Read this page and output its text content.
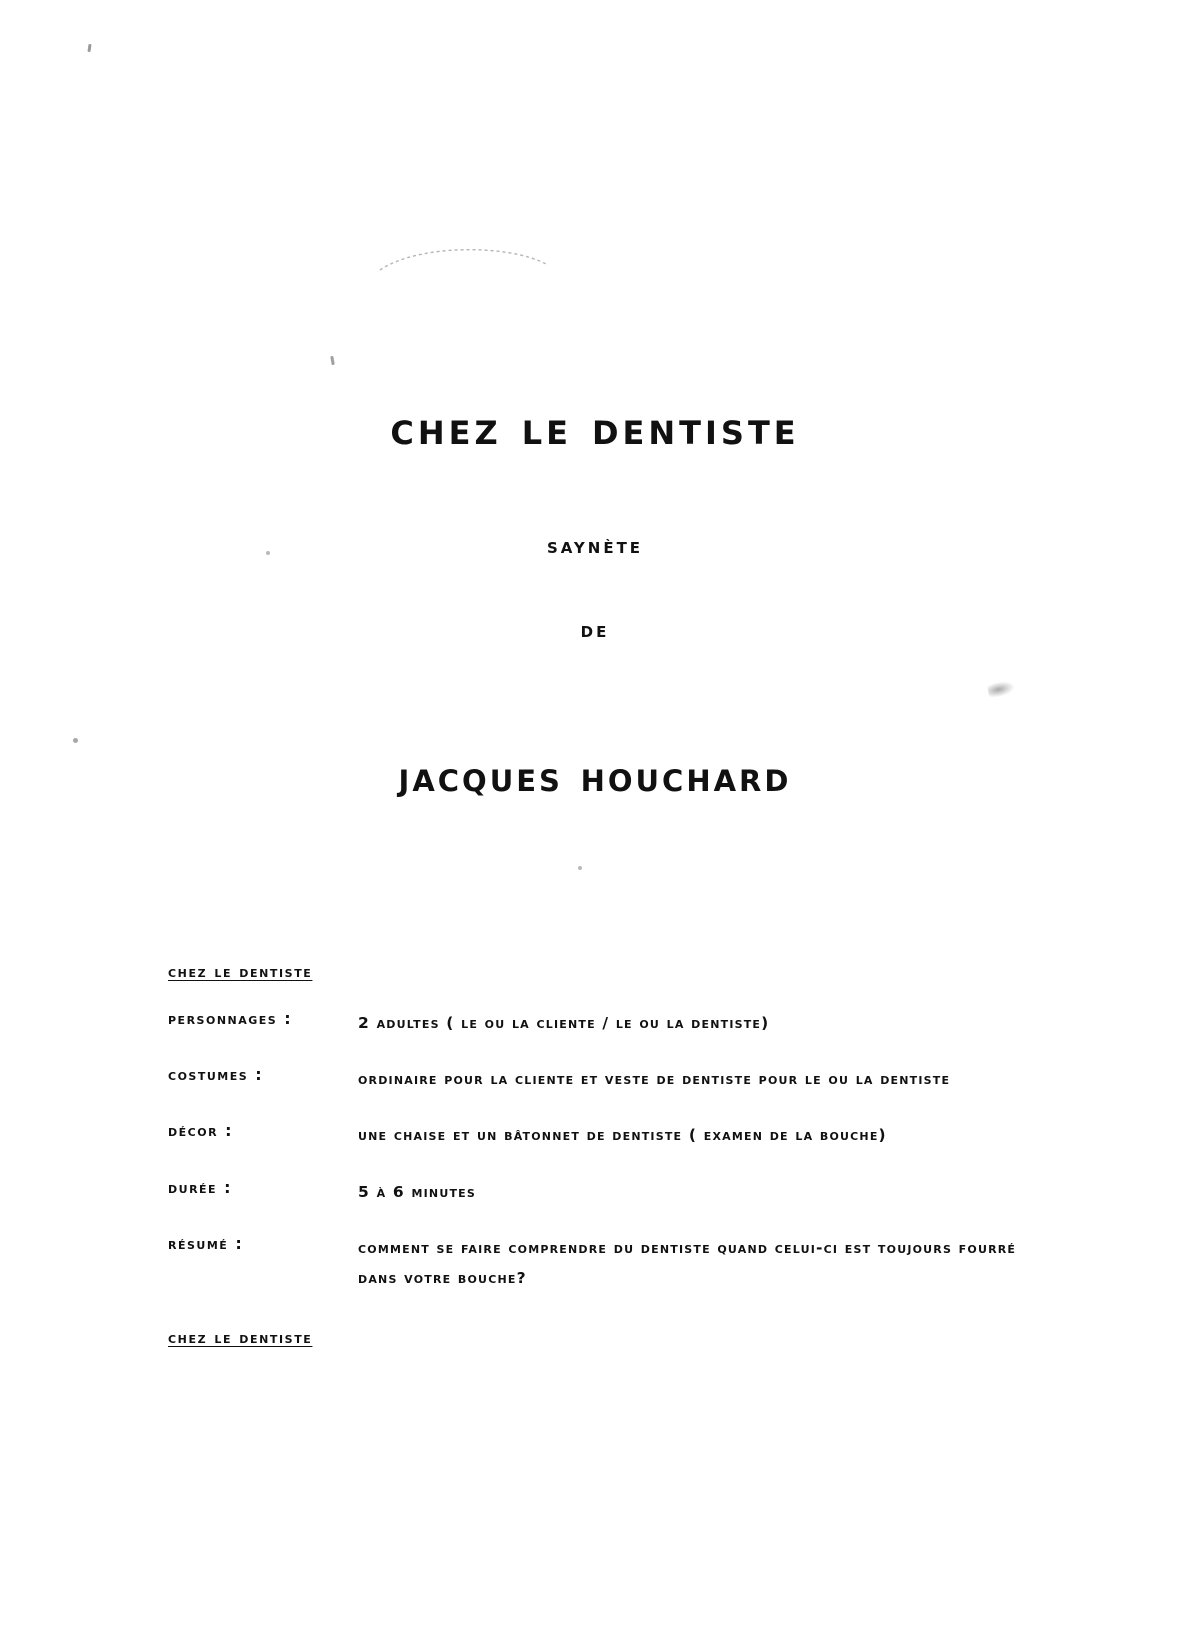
chez le dentiste
saynète
de
jacques houchard
chez le dentiste
personnages :	2 adultes ( le ou la cliente / le ou la dentiste)
costumes :	ordinaire pour la cliente et veste de dentiste pour le ou la dentiste
décor :	une chaise et un bâtonnet de dentiste ( examen de la bouche)
durée :	5 à 6 minutes
résumé :	comment se faire comprendre du dentiste quand celui-ci est toujours fourré dans votre bouche?
chez le dentiste
